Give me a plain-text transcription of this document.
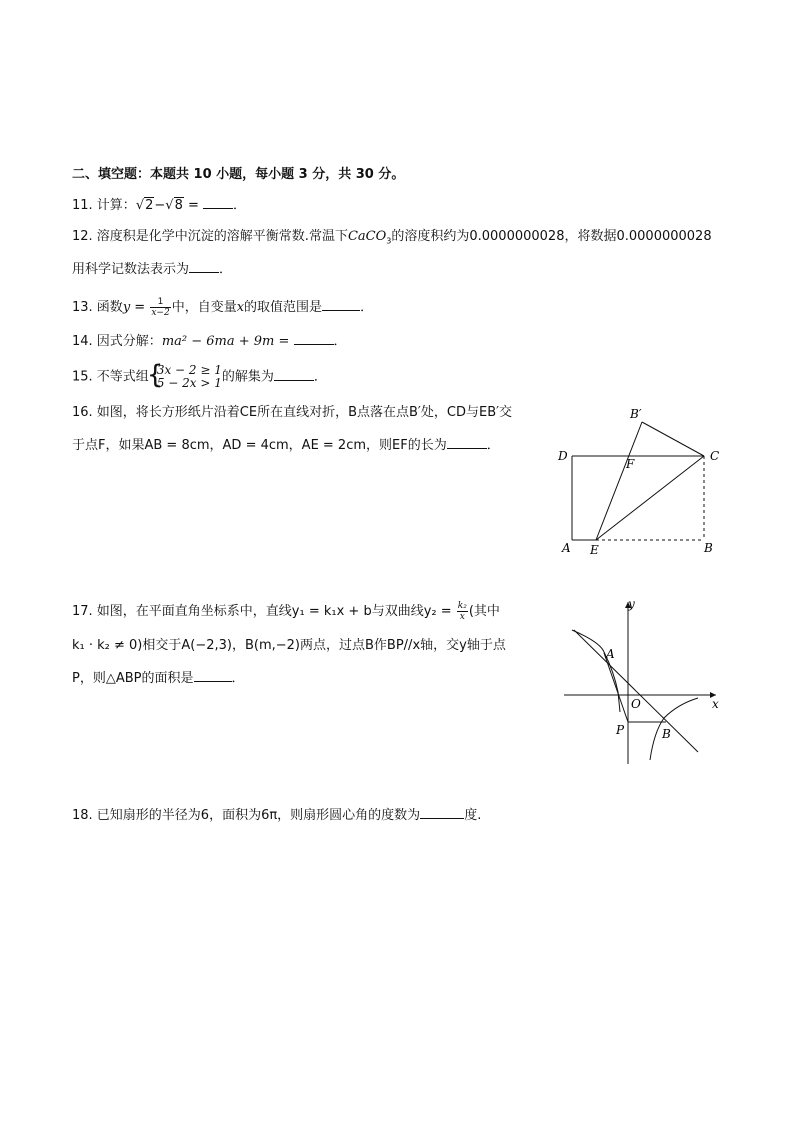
二、填空题：本题共 10 小题，每小题 3 分，共 30 分。
11. 计算：√2−√8 = ．
12. 溶度积是化学中沉淀的溶解平衡常数.常温下CaCO$_3$的溶度积约为0.0000000028，将数据0.0000000028
用科学记数法表示为 ．
13. 函数$y = \frac{1}{x-2}$ 中，自变量x的取值范围是	．
14. 因式分解：ma² − 6ma + 9m =	．
15. 不等式组
{ 3x − 2 ≥ 1
5 − 2x > 1 的解集为	．
16. 如图，将长方形纸片沿着CE所在直线对折，B点落在点B′处，CD与EB′交
于点F，如果AB = 8cm，AD = 4cm，AE = 2cm，则EF的长为	．
D	C
A E	B
F
B′
17. 如图，在平面直角坐标系中，直线y₁ = k₁x + b与双曲线$y_2 = \frac{\text{k₂}}{x}$ (其中
k₁ · k₂ ≠ 0)相交于A(−2,3)，B(m,−2)两点，过点B作BP//x轴，交y轴于点
P，则△ABP的面积是	．
y
x
A
O
P	B
18. 已知扇形的半径为6，面积为6π，则扇形圆心角的度数为	度.
